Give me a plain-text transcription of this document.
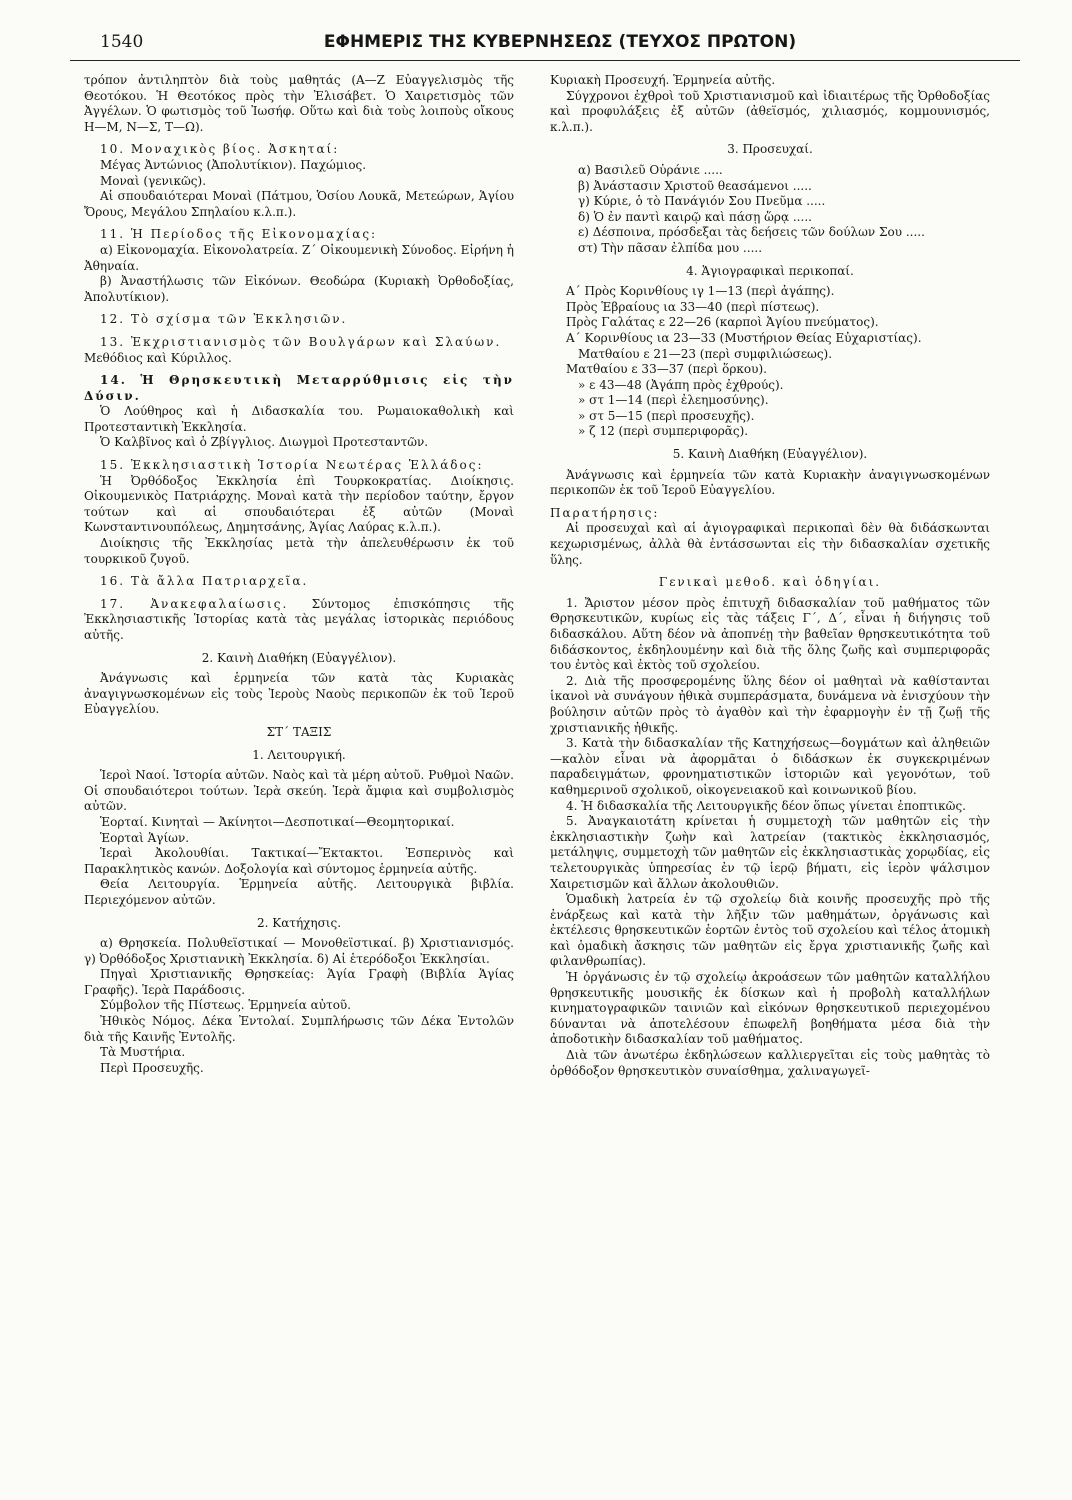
1540	ΕΦΗΜΕΡΙΣ ΤΗΣ ΚΥΒΕΡΝΗΣΕΩΣ (ΤΕΥΧΟΣ ΠΡΩΤΟΝ)

τρόπον ἀντιληπτὸν διὰ τοὺς μαθητάς (Α—Ζ Εὐαγγελισμὸς τῆς Θεοτόκου. Ἡ Θεοτόκος πρὸς τὴν Ἐλισάβετ. Ὁ Χαιρετισμὸς τῶν Ἀγγέλων. Ὁ φωτισμὸς τοῦ Ἰωσήφ. Οὕτω καὶ διὰ τοὺς λοιποὺς οἴκους Η—Μ, Ν—Σ, Τ—Ω).

10. Μοναχικὸς βίος. Ἀσκηταί:

Μέγας Ἀντώνιος (Ἀπολυτίκιον). Παχώμιος.

Μοναὶ (γενικῶς).

Αἱ σπουδαιότεραι Μοναὶ (Πάτμου, Ὁσίου Λουκᾶ, Μετεώρων, Ἁγίου Ὄρους, Μεγάλου Σπηλαίου κ.λ.π.).

11. Ἡ Περίοδος τῆς Εἰκονομαχίας:

α) Εἰκονομαχία. Εἰκονολατρεία. Ζ´ Οἰκουμενικὴ Σύνοδος. Εἰρήνη ἡ Ἀθηναία.

β) Ἀναστήλωσις τῶν Εἰκόνων. Θεοδώρα (Κυριακὴ Ὀρθοδοξίας, Ἀπολυτίκιον).

12. Τὸ σχίσμα τῶν Ἐκκλησιῶν.

13. Ἐκχριστιανισμὸς τῶν Βουλγάρων καὶ Σλαύων.

Μεθόδιος καὶ Κύριλλος.

14. Ἡ Θρησκευτικὴ Μεταρρύθμισις εἰς τὴν Δύσιν.

Ὁ Λούθηρος καὶ ἡ Διδασκαλία του. Ρωμαιοκαθολικὴ καὶ Προτεσταντικὴ Ἐκκλησία.

Ὁ Καλβῖνος καὶ ὁ Ζβίγγλιος. Διωγμοὶ Προτεσταντῶν.

15. Ἐκκλησιαστικὴ Ἱστορία Νεωτέρας Ἑλλάδος:

Ἡ Ὀρθόδοξος Ἐκκλησία ἐπὶ Τουρκοκρατίας. Διοίκησις. Οἰκουμενικὸς Πατριάρχης. Μοναὶ κατὰ τὴν περίοδον ταύτην, ἔργον τούτων καὶ αἱ σπουδαιότεραι ἐξ αὐτῶν (Μοναὶ Κωνσταντινουπόλεως, Δημητσάνης, Ἁγίας Λαύρας κ.λ.π.).

Διοίκησις τῆς Ἐκκλησίας μετὰ τὴν ἀπελευθέρωσιν ἐκ τοῦ τουρκικοῦ ζυγοῦ.

16. Τὰ ἄλλα Πατριαρχεῖα.

17. Ἀνακεφαλαίωσις. Σύντομος ἐπισκόπησις τῆς Ἐκκλησιαστικῆς Ἱστορίας κατὰ τὰς μεγάλας ἱστορικὰς περιόδους αὐτῆς.

2. Καινὴ Διαθήκη (Εὐαγγέλιον).

Ἀνάγνωσις καὶ ἑρμηνεία τῶν κατὰ τὰς Κυριακὰς ἀναγιγνωσκομένων εἰς τοὺς Ἱεροὺς Ναοὺς περικοπῶν ἐκ τοῦ Ἱεροῦ Εὐαγγελίου.

ΣΤ´ ΤΑΞΙΣ

1. Λειτουργική.

Ἱεροὶ Ναοί. Ἱστορία αὐτῶν. Ναὸς καὶ τὰ μέρη αὐτοῦ. Ρυθμοὶ Ναῶν. Οἱ σπουδαιότεροι τούτων. Ἱερὰ σκεύη. Ἱερὰ ἄμφια καὶ συμβολισμὸς αὐτῶν.

Ἑορταί. Κινηταὶ — Ἀκίνητοι—Δεσποτικαί—Θεομητορικαί.

Ἑορταὶ Ἁγίων.

Ἱεραὶ Ἀκολουθίαι. Τακτικαί—Ἔκτακτοι. Ἑσπερινὸς καὶ Παρακλητικὸς κανών. Δοξολογία καὶ σύντομος ἑρμηνεία αὐτῆς.

Θεία Λειτουργία. Ἑρμηνεία αὐτῆς. Λειτουργικὰ βιβλία. Περιεχόμενον αὐτῶν.

2. Κατήχησις.

α) Θρησκεία. Πολυθεϊστικαί — Μονοθεϊστικαί. β) Χριστιανισμός. γ) Ὀρθόδοξος Χριστιανικὴ Ἐκκλησία. δ) Αἱ ἑτερόδοξοι Ἐκκλησίαι.

Πηγαὶ Χριστιανικῆς Θρησκείας: Ἁγία Γραφὴ (Βιβλία Ἁγίας Γραφῆς). Ἱερὰ Παράδοσις.

Σύμβολον τῆς Πίστεως. Ἑρμηνεία αὐτοῦ.

Ἠθικὸς Νόμος. Δέκα Ἐντολαί. Συμπλήρωσις τῶν Δέκα Ἐντολῶν διὰ τῆς Καινῆς Ἐντολῆς.

Τὰ Μυστήρια.

Περὶ Προσευχῆς.

Κυριακὴ Προσευχή. Ἑρμηνεία αὐτῆς.

Σύγχρονοι ἐχθροὶ τοῦ Χριστιανισμοῦ καὶ ἰδιαιτέρως τῆς Ὀρθοδοξίας καὶ προφυλάξεις ἐξ αὐτῶν (ἀθεϊσμός, χιλιασμός, κομμουνισμός, κ.λ.π.).

3. Προσευχαί.

α) Βασιλεῦ Οὐράνιε .....

β) Ἀνάστασιν Χριστοῦ θεασάμενοι .....

γ) Κύριε, ὁ τὸ Πανάγιόν Σου Πνεῦμα .....

δ) Ὁ ἐν παντὶ καιρῷ καὶ πάσῃ ὥρᾳ .....

ε) Δέσποινα, πρόσδεξαι τὰς δεήσεις τῶν δούλων Σου .....

στ) Τὴν πᾶσαν ἐλπίδα μου .....

4. Ἁγιογραφικαὶ περικοπαί.

Α´ Πρὸς Κορινθίους ιγ 1—13 (περὶ ἀγάπης).

Πρὸς Ἑβραίους ια 33—40 (περὶ πίστεως).

Πρὸς Γαλάτας ε 22—26 (καρποὶ Ἁγίου πνεύματος).

Α´ Κορινθίους ια 23—33 (Μυστήριον Θείας Εὐχαριστίας).

Ματθαίου ε 21—23 (περὶ συμφιλιώσεως).

Ματθαίου ε 33—37 (περὶ ὅρκου).

» ε 43—48 (Ἀγάπη πρὸς ἐχθρούς).

» στ 1—14 (περὶ ἐλεημοσύνης).

» στ 5—15 (περὶ προσευχῆς).

» ζ 12 (περὶ συμπεριφορᾶς).

5. Καινὴ Διαθήκη (Εὐαγγέλιον).

Ἀνάγνωσις καὶ ἑρμηνεία τῶν κατὰ Κυριακὴν ἀναγιγνωσκομένων περικοπῶν ἐκ τοῦ Ἱεροῦ Εὐαγγελίου.

Παρατήρησις:

Αἱ προσευχαὶ καὶ αἱ ἁγιογραφικαὶ περικοπαὶ δὲν θὰ διδάσκωνται κεχωρισμένως, ἀλλὰ θὰ ἐντάσσωνται εἰς τὴν διδασκαλίαν σχετικῆς ὕλης.

Γενικαὶ μεθοδ. καὶ ὁδηγίαι.

1. Ἄριστον μέσον πρὸς ἐπιτυχῆ διδασκαλίαν τοῦ μαθήματος τῶν Θρησκευτικῶν, κυρίως εἰς τὰς τάξεις Γ´, Δ´, εἶναι ἡ διήγησις τοῦ διδασκάλου. Αὕτη δέον νὰ ἀποπνέῃ τὴν βαθεῖαν θρησκευτικότητα τοῦ διδάσκοντος, ἐκδηλουμένην καὶ διὰ τῆς ὅλης ζωῆς καὶ συμπεριφορᾶς του ἐντὸς καὶ ἐκτὸς τοῦ σχολείου.

2. Διὰ τῆς προσφερομένης ὕλης δέον οἱ μαθηταὶ νὰ καθίστανται ἱκανοὶ νὰ συνάγουν ἠθικὰ συμπεράσματα, δυνάμενα νὰ ἐνισχύουν τὴν βούλησιν αὐτῶν πρὸς τὸ ἀγαθὸν καὶ τὴν ἐφαρμογὴν ἐν τῇ ζωῇ τῆς χριστιανικῆς ἠθικῆς.

3. Κατὰ τὴν διδασκαλίαν τῆς Κατηχήσεως—δογμάτων καὶ ἀληθειῶν—καλὸν εἶναι νὰ ἀφορμᾶται ὁ διδάσκων ἐκ συγκεκριμένων παραδειγμάτων, φρονηματιστικῶν ἱστοριῶν καὶ γεγονότων, τοῦ καθημερινοῦ σχολικοῦ, οἰκογενειακοῦ καὶ κοινωνικοῦ βίου.

4. Ἡ διδασκαλία τῆς Λειτουργικῆς δέον ὅπως γίνεται ἐποπτικῶς.

5. Ἀναγκαιοτάτη κρίνεται ἡ συμμετοχὴ τῶν μαθητῶν εἰς τὴν ἐκκλησιαστικὴν ζωὴν καὶ λατρείαν (τακτικὸς ἐκκλησιασμός, μετάληψις, συμμετοχὴ τῶν μαθητῶν εἰς ἐκκλησιαστικὰς χορῳδίας, εἰς τελετουργικὰς ὑπηρεσίας ἐν τῷ ἱερῷ βήματι, εἰς ἱερὸν ψάλσιμον Χαιρετισμῶν καὶ ἄλλων ἀκολουθιῶν.

Ὁμαδικὴ λατρεία ἐν τῷ σχολείῳ διὰ κοινῆς προσευχῆς πρὸ τῆς ἐνάρξεως καὶ κατὰ τὴν λῆξιν τῶν μαθημάτων, ὀργάνωσις καὶ ἐκτέλεσις θρησκευτικῶν ἑορτῶν ἐντὸς τοῦ σχολείου καὶ τέλος ἀτομικὴ καὶ ὁμαδικὴ ἄσκησις τῶν μαθητῶν εἰς ἔργα χριστιανικῆς ζωῆς καὶ φιλανθρωπίας).

Ἡ ὀργάνωσις ἐν τῷ σχολείῳ ἀκροάσεων τῶν μαθητῶν καταλλήλου θρησκευτικῆς μουσικῆς ἐκ δίσκων καὶ ἡ προβολὴ καταλλήλων κινηματογραφικῶν ταινιῶν καὶ εἰκόνων θρησκευτικοῦ περιεχομένου δύνανται νὰ ἀποτελέσουν ἐπωφελῆ βοηθήματα μέσα διὰ τὴν ἀποδοτικὴν διδασκαλίαν τοῦ μαθήματος.

Διὰ τῶν ἀνωτέρω ἐκδηλώσεων καλλιεργεῖται εἰς τοὺς μαθητὰς τὸ ὀρθόδοξον θρησκευτικὸν συναίσθημα, χαλιναγωγεῖ-
